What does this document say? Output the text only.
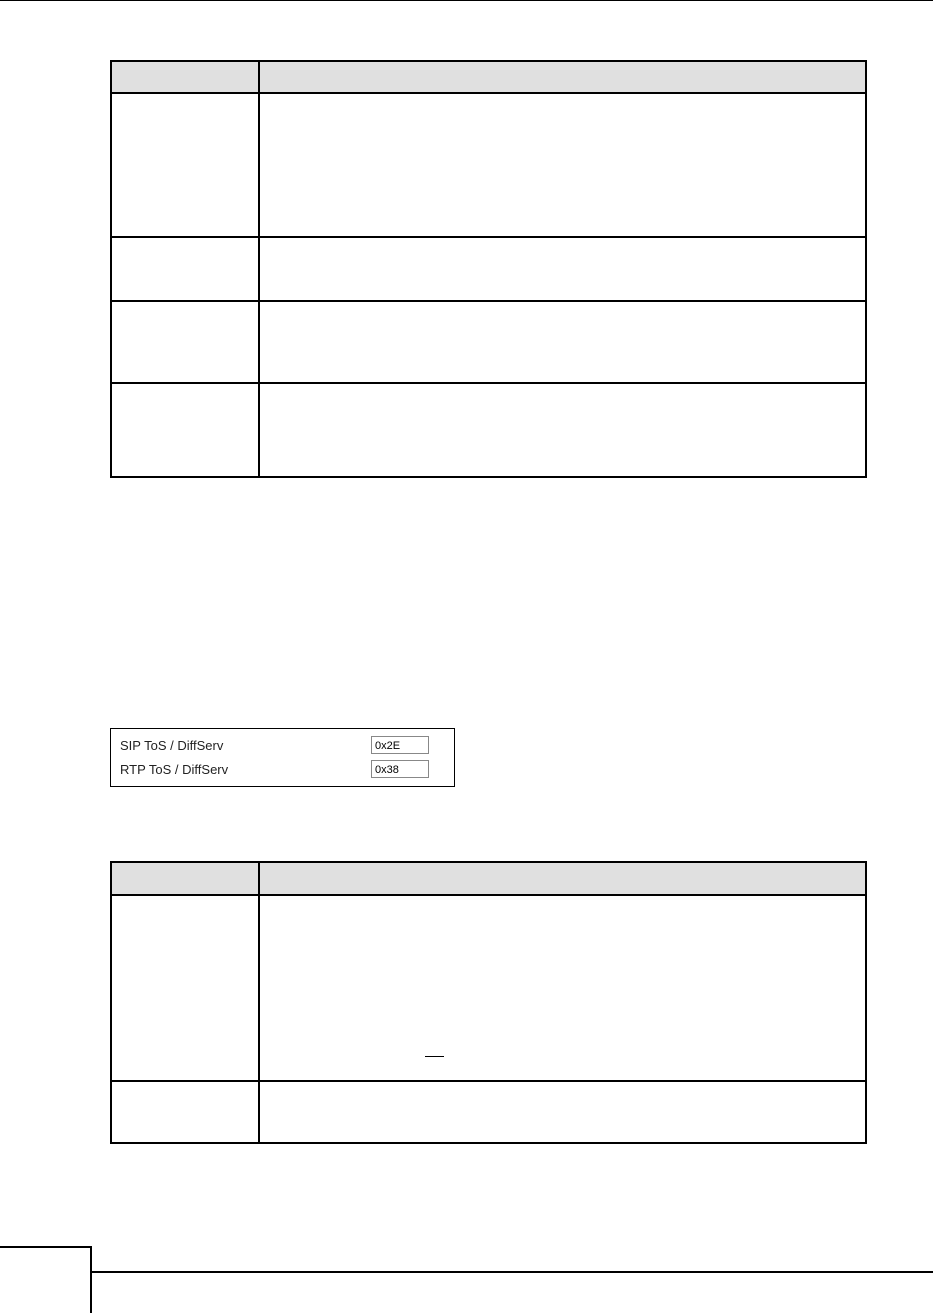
SIP ToS / DiffServ	0x2E
RTP ToS / DiffServ	0x38
